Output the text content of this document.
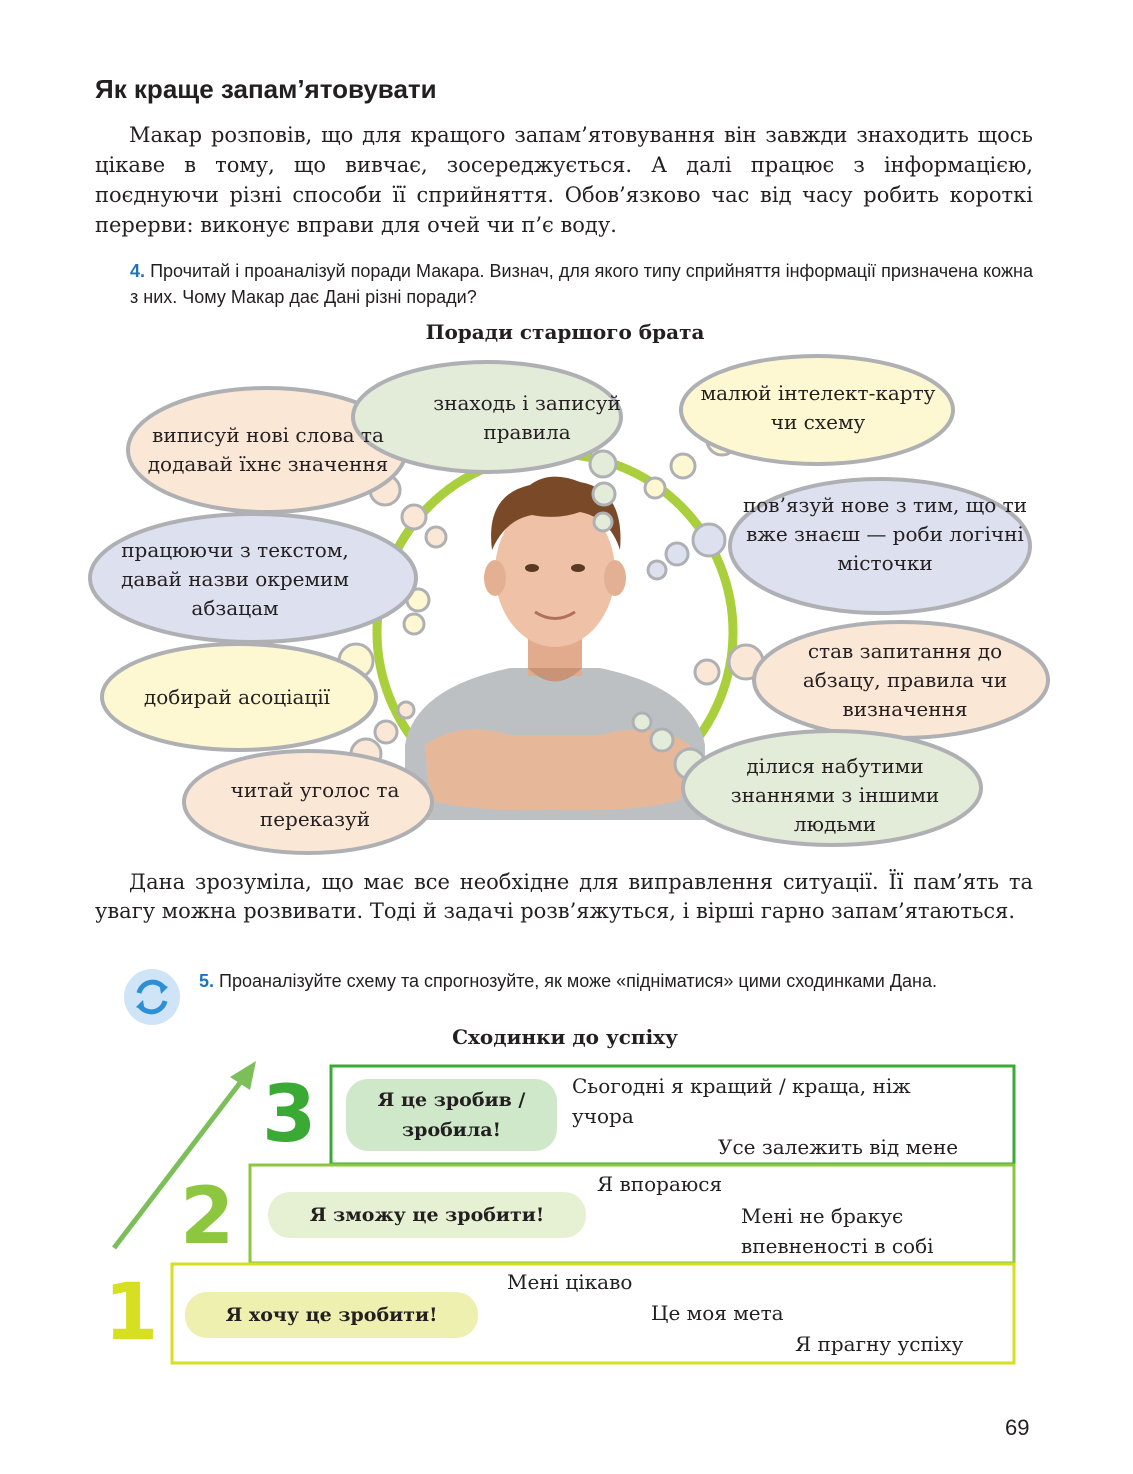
Як краще запам’ятовувати
Макар розповів, що для кращого запам’ятовування він завжди знаходить щось цікаве в тому, що вивчає, зосереджується. А далі працює з інформацією, поєднуючи різні способи її сприйняття. Обов’язково час від часу робить короткі перерви: виконує вправи для очей чи п’є воду.
4. Прочитай і проаналізуй поради Макара. Визнач, для якого типу сприйняття інформації призначена кожна з них. Чому Макар дає Дані різні поради?
Поради старшого брата
виписуй нові слова та додавай їхнє значення
знаходь і записуй правила
малюй інтелект-карту чи схему
пов’язуй нове з тим, що ти вже знаєш — роби логічні місточки
працюючи з текстом, давай назви окремим абзацам
став запитання до абзацу, правила чи визначення
добирай асоціації
читай уголос та переказуй
ділися набутими знаннями з іншими людьми
Дана зрозуміла, що має все необхідне для виправлення ситуації. Її пам’ять та увагу можна розвивати. Тоді й задачі розв’яжуться, і вірші гарно запам’ятаються.
5. Проаналізуйте схему та спрогнозуйте, як може «підніматися» цими сходинками Дана.
Сходинки до успіху
3
2
1
Я це зробив / зробила!
Я зможу це зробити!
Я хочу це зробити!
Сьогодні я кращий / краща, ніж учора
Усе залежить від мене
Я впораюся
Мені не бракує впевненості в собі
Мені цікаво
Це моя мета
Я прагну успіху
69
